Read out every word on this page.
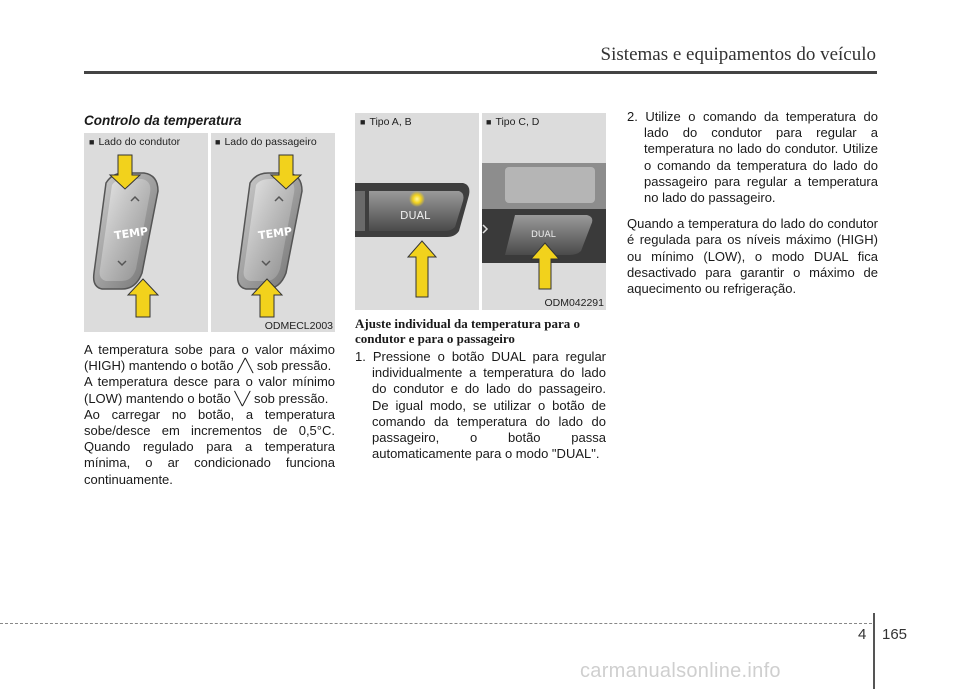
Sistemas e equipamentos do veículo
Controlo da temperatura
■ Lado do condutor	■ Lado do passageiro
TEMP	TEMP
ODMECL2003
A temperatura sobe para o valor máximo (HIGH) mantendo o botão ╱╲ sob pressão.
A temperatura desce para o valor mínimo (LOW) mantendo o botão ╲╱ sob pressão.
Ao carregar no botão, a temperatura sobe/desce em incrementos de 0,5°C. Quando regulado para a temperatura mínima, o ar condicionado funciona continuamente.
■ Tipo A, B	■ Tipo C, D
DUAL
DUAL
ODM042291
Ajuste individual da temperatura para o condutor e para o passageiro
1. Pressione o botão DUAL para regular individualmente a temperatura do lado do condutor e do lado do passageiro. De igual modo, se utilizar o botão de comando da temperatura do lado do passageiro, o botão passa automaticamente para o modo "DUAL".
2. Utilize o comando da temperatura do lado do condutor para regular a temperatura no lado do condutor. Utilize o comando da temperatura do lado do passageiro para regular a temperatura no lado do passageiro.
Quando a temperatura do lado do condutor é regulada para os níveis máximo (HIGH) ou mínimo (LOW), o modo DUAL fica desactivado para garantir o máximo de aquecimento ou refrigeração.
4 165
carmanualsonline.info
